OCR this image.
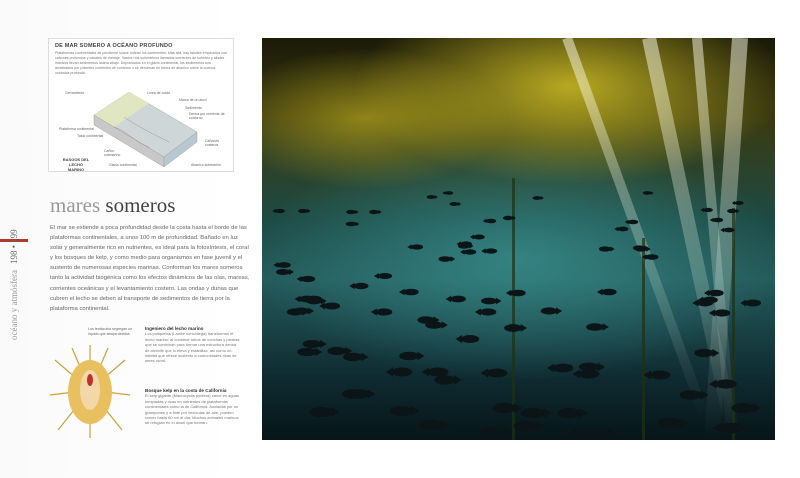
océano y atmósfera
198 • 199
DE MAR SOMERO A OCÉANO PROFUNDO
Plataformas continentales de pendiente suave rodean los continentes. Más allá, hay taludes empinados con cañones profundos y canales de drenaje. Vastos ríos submarinos llamados corrientes de turbidez y aludes masivos llevan sedimentos ladera abajo. Depositados en el glacis continental, los sedimentos son arrastrados por potentes corrientes de contorno o se derraman en forma de abanico sobre la cuenca oceánica profunda.
Cerramiento	Línea de costa
Marca de un aluvi
Sedimento
Deriva por corriente de contorno
Plataforma continental
Talud continental
Cañón submarino
Glacis continental
Cañones costeros
Abanico submarino
RASGOS DEL LECHO MARINO
mares someros

El mar se extiende a poca profundidad desde la costa hasta el borde de las plataformas continentales, a unos 100 m de profundidad. Bañado en luz solar y generalmente rico en nutrientes, es ideal para la fotosíntesis, el coral y los bosques de kelp, y como medio para organismos en fase juvenil y el sustento de numerosas especies marinas. Conforman los mares someros tanto la actividad biogénica como los efectos dinámicos de las olas, mareas, corrientes oceánicas y el levantamiento costero. Las ondas y dunas que cubren el lecho se deben al transporte de sedimentos de tierra por la plataforma continental.

Los tentáculos segregan un líquido que atrapa detritos
Ingeniero del lecho marino
Los poliquetos (Lanice conchilega) transforman el lecho marino: al construir tubos de conchas y piedras que se combinan para formar una estructura densa de arrecife que lo eleva y estabiliza, así como un hábitat que ofrece sustento a comunidades ricas de seres vivos.
Bosque kelp en la costa de California
El kelp gigante (Macrocystis pyrifera) crece en aguas templadas y ricas en nutrientes de plataformas continentales como la de California. Ancladas por un grampones y a flote por vesículas de aire, pueden crecer hasta 60 cm al día. Muchos animales marinos se refugian en el dosel que forman.
